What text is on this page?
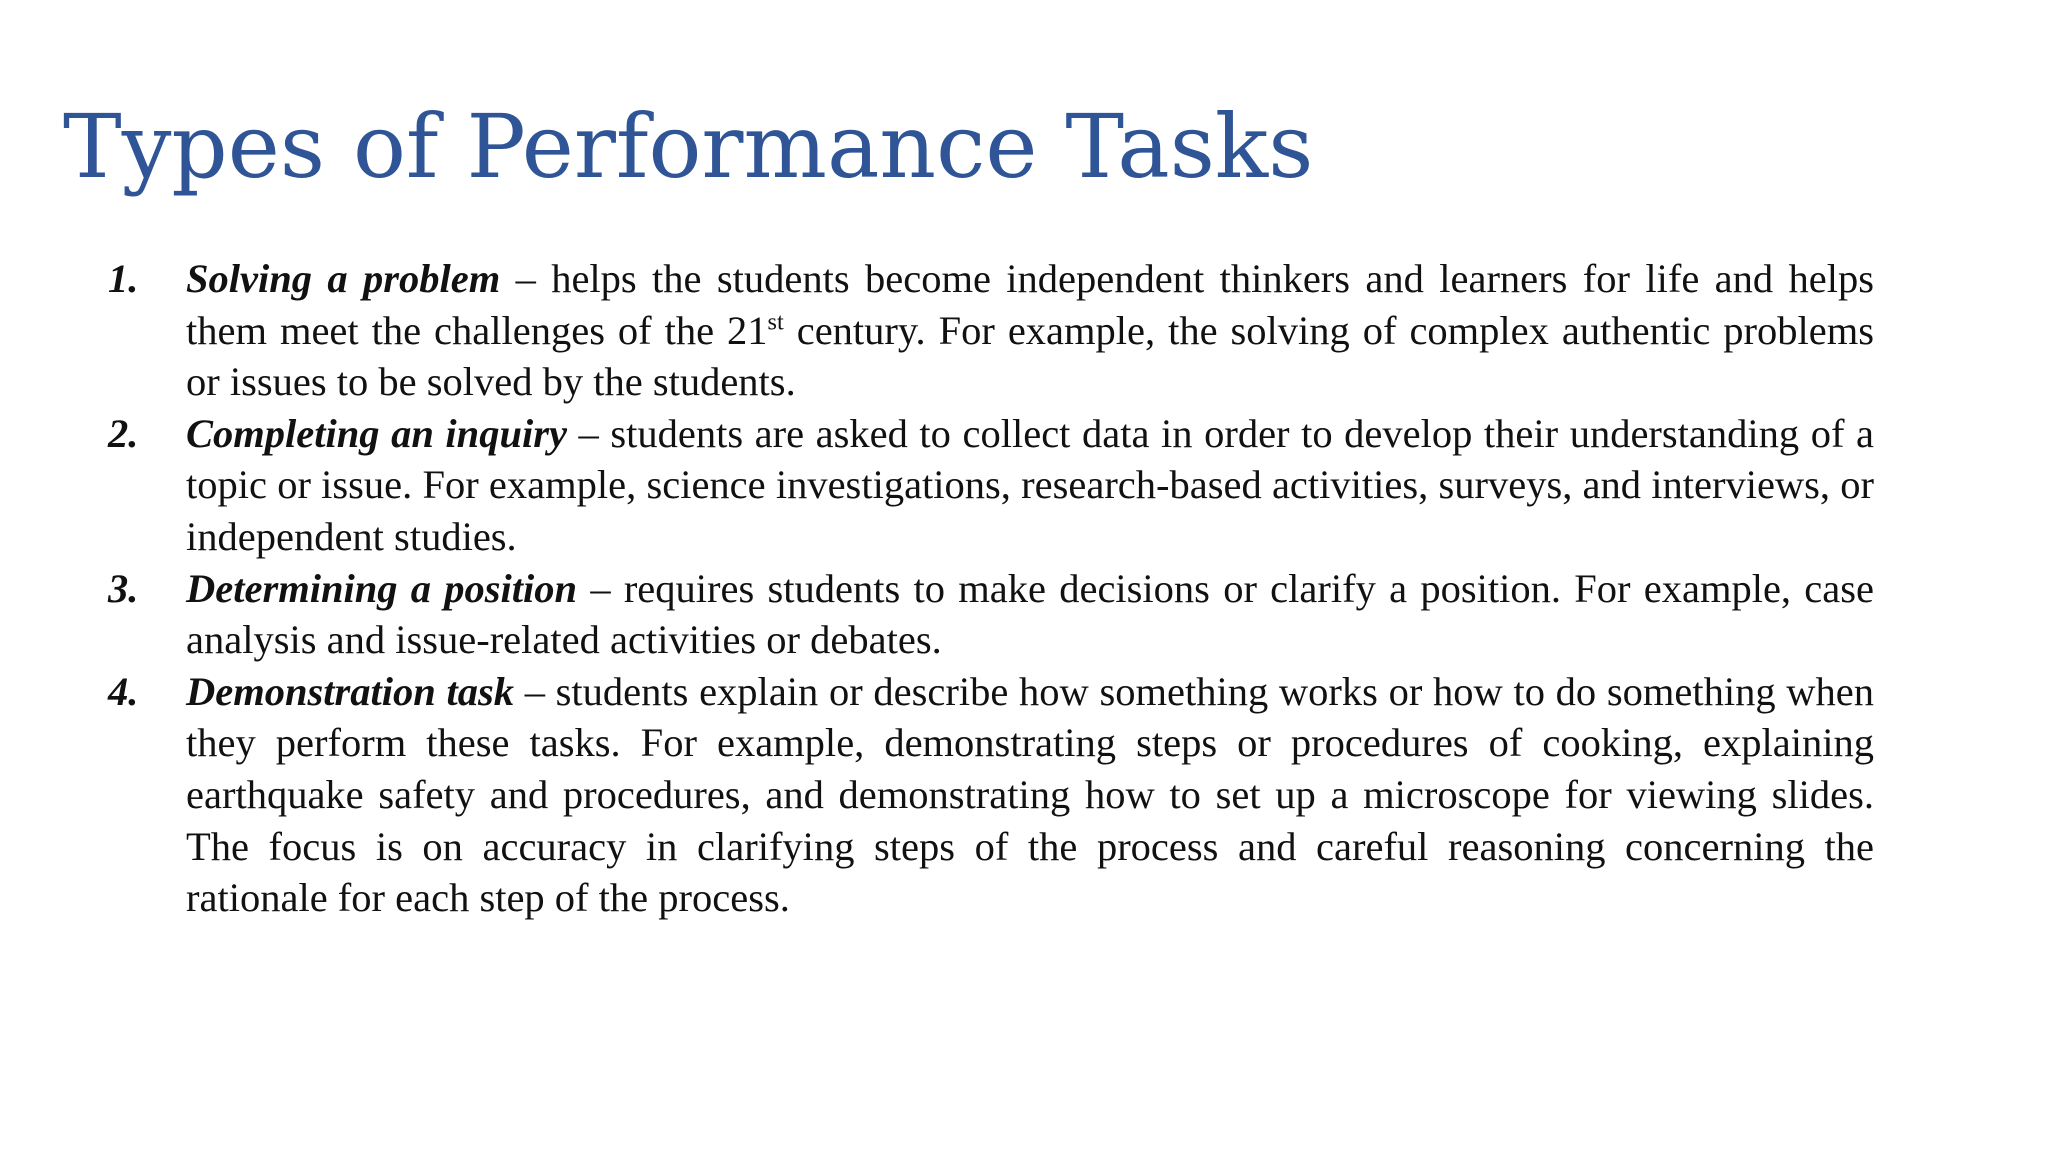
Types of Performance Tasks
1. Solving a problem – helps the students become independent thinkers and learners for life and helps them meet the challenges of the 21st century. For example, the solving of complex authentic problems or issues to be solved by the students.
2. Completing an inquiry – students are asked to collect data in order to develop their understanding of a topic or issue. For example, science investigations, research-based activities, surveys, and interviews, or independent studies.
3. Determining a position – requires students to make decisions or clarify a position. For example, case analysis and issue-related activities or debates.
4. Demonstration task – students explain or describe how something works or how to do something when they perform these tasks. For example, demonstrating steps or procedures of cooking, explaining earthquake safety and procedures, and demonstrating how to set up a microscope for viewing slides. The focus is on accuracy in clarifying steps of the process and careful reasoning concerning the rationale for each step of the process.
